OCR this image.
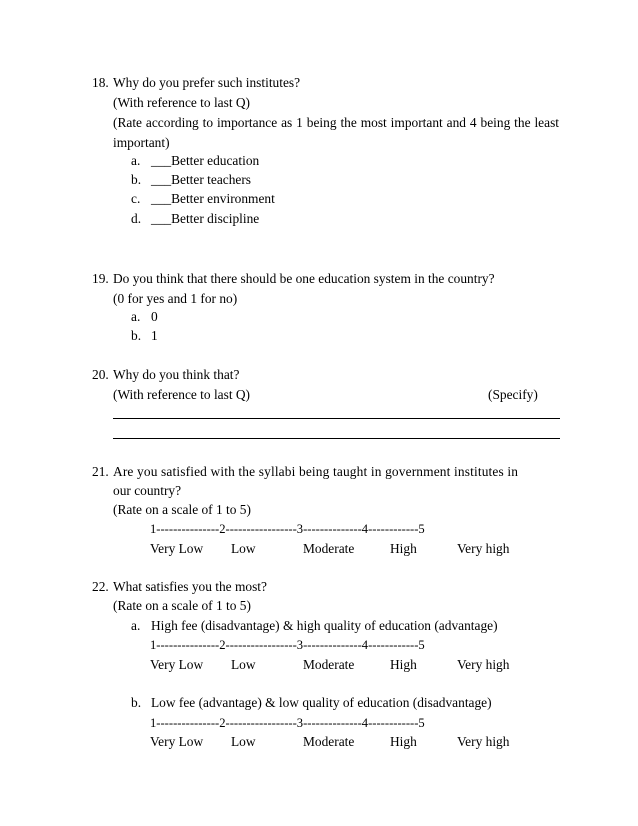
18. Why do you prefer such institutes?
(With reference to last Q)
(Rate according to importance as 1 being the most important and 4 being the least important)
a. ___Better education
b. ___Better teachers
c. ___Better environment
d. ___Better discipline
19. Do you think that there should be one education system in the country?
(0 for yes and 1 for no)
a. 0
b. 1
20. Why do you think that?
(With reference to last Q)	(Specify)
21. Are you satisfied with the syllabi being taught in government institutes in
our country?
(Rate on a scale of 1 to 5)
1---------------2-----------------3--------------4------------5
Very Low Low	Moderate	High	Very high
22. What satisfies you the most?
(Rate on a scale of 1 to 5)
a. High fee (disadvantage) & high quality of education (advantage)
1---------------2-----------------3--------------4------------5
Very Low Low	Moderate	High	Very high
b. Low fee (advantage) & low quality of education (disadvantage)
1---------------2-----------------3--------------4------------5
Very Low Low	Moderate	High	Very high
